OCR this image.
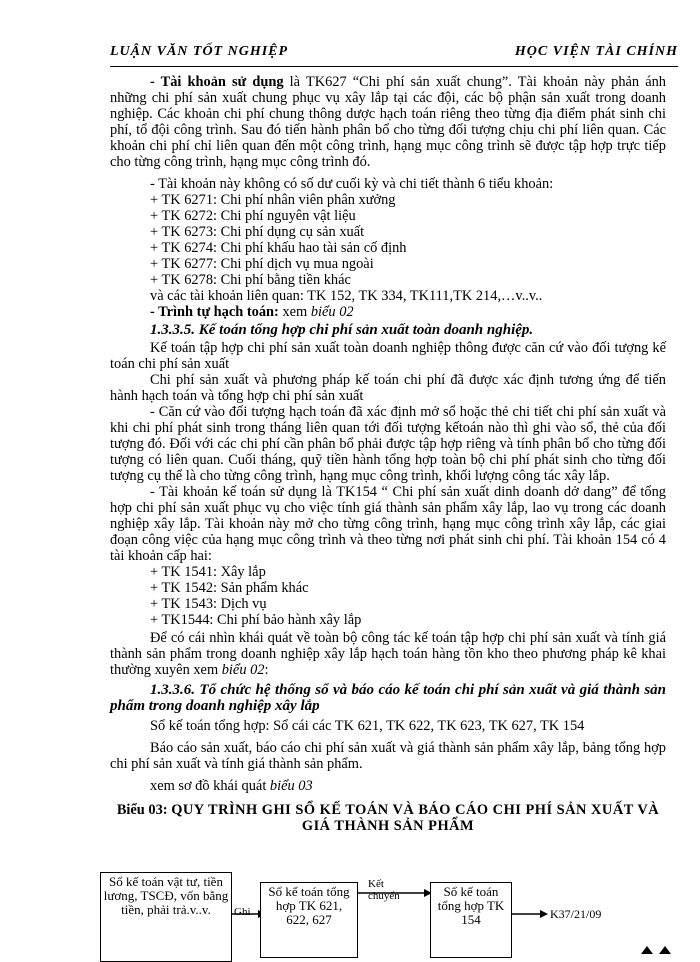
LUẬN VĂN TỐT NGHIỆP	HỌC VIỆN TÀI CHÍNH

- Tài khoản sử dụng là TK627 “Chi phí sản xuất chung”. Tài khoản này phản ánh những chi phí sản xuất chung phục vụ xây lắp tại các đội, các bộ phận sản xuất trong doanh nghiệp. Các khoản chi phí chung thông dược hạch toán riêng theo từng địa điểm phát sinh chi phí, tổ đội công trình. Sau đó tiến hành phân bổ cho từng đối tượng chịu chi phí liên quan. Các khoản chi phí chỉ liên quan đến một công trình, hạng mục công trình sẽ được tập hợp trực tiếp cho từng công trình, hạng mục công trình đó.

- Tài khoản này không có số dư cuối kỳ và chi tiết thành 6 tiểu khoản:

+ TK 6271: Chi phí nhân viên phân xưởng
+ TK 6272: Chi phí nguyên vật liệu
+ TK 6273: Chi phí dụng cụ sản xuất
+ TK 6274: Chi phí khấu hao tài sản cố định
+ TK 6277: Chi phí dịch vụ mua ngoài
+ TK 6278: Chi phí bằng tiền khác

và các tài khoản liên quan: TK 152, TK 334, TK111,TK 214,…v..v..

- Trình tự hạch toán: xem biểu 02

1.3.3.5. Kế toán tổng hợp chi phí sản xuất toàn doanh nghiệp.

Kế toán tập hợp chi phí sản xuất toàn doanh nghiệp thông được căn cứ vào đối tượng kế toán chi phí sản xuất

Chi phí sản xuất và phương pháp kế toán chi phí đã được xác định tương ứng để tiến hành hạch toán và tổng hợp chi phí sản xuất

- Căn cứ vào đối tượng hạch toán đã xác định mở sổ hoặc thẻ chi tiết chi phí sản xuất và khi chi phí phát sinh trong tháng liên quan tới đối tượng kếtoán nào thì ghi vào sổ, thẻ của đối tượng đó. Đối với các chi phí cần phân bổ phải được tập hợp riêng và tính phân bổ cho từng đối tượng có liên quan. Cuối tháng, quỹ tiền hành tổng hợp toàn bộ chi phí phát sinh cho từng đối tượng cụ thể là cho từng công trình, hạng mục công trình, khối lượng công tác xây lắp.

- Tài khoản kế toán sử dụng là TK154 “ Chi phí sản xuất dinh doanh dở dang” để tổng hợp chi phí sản xuất phục vụ cho việc tính giá thành sản phẩm xây lắp, lao vụ trong các doanh nghiệp xây lắp. Tài khoản này mở cho từng công trình, hạng mục công trình xây lắp, các giai đoạn công việc của hạng mục công trình và theo từng nơi phát sinh chi phí. Tài khoản 154 có 4 tài khoản cấp hai:

+ TK 1541: Xây lắp
+ TK 1542: Sản phẩm khác
+ TK 1543: Dịch vụ
+ TK1544: Chi phí bảo hành xây lắp

Để có cái nhìn khái quát về toàn bộ công tác kế toán tập hợp chi phí sản xuất và tính giá thành sản phẩm trong doanh nghiệp xây lắp hạch toán hàng tồn kho theo phương pháp kê khai thường xuyên xem biểu 02:

1.3.3.6. Tổ chức hệ thống sổ và báo cáo kế toán chi phí sản xuất và giá thành sản phẩm trong doanh nghiệp xây lắp

Sổ kế toán tổng hợp: Sổ cái các TK 621, TK 622, TK 623, TK 627, TK 154

Báo cáo sản xuất, báo cáo chi phí sản xuất và giá thành sản phẩm xây lắp, bảng tổng hợp chi phí sản xuất và tính giá thành sản phẩm.

xem sơ đồ khái quát biểu 03

Biểu 03: QUY TRÌNH GHI SỔ KẾ TOÁN VÀ BÁO CÁO CHI PHÍ SẢN XUẤT VÀ GIÁ THÀNH SẢN PHẨM
Sổ kế toán vật tư, tiền lương, TSCĐ, vốn bằng tiền, phải trả.v..v.	Ghi
Sổ kế toán tổng hợp TK 621, 622, 627
Kết chuyển	Sổ kế toán tổng hợp TK 154	K37/21/09
